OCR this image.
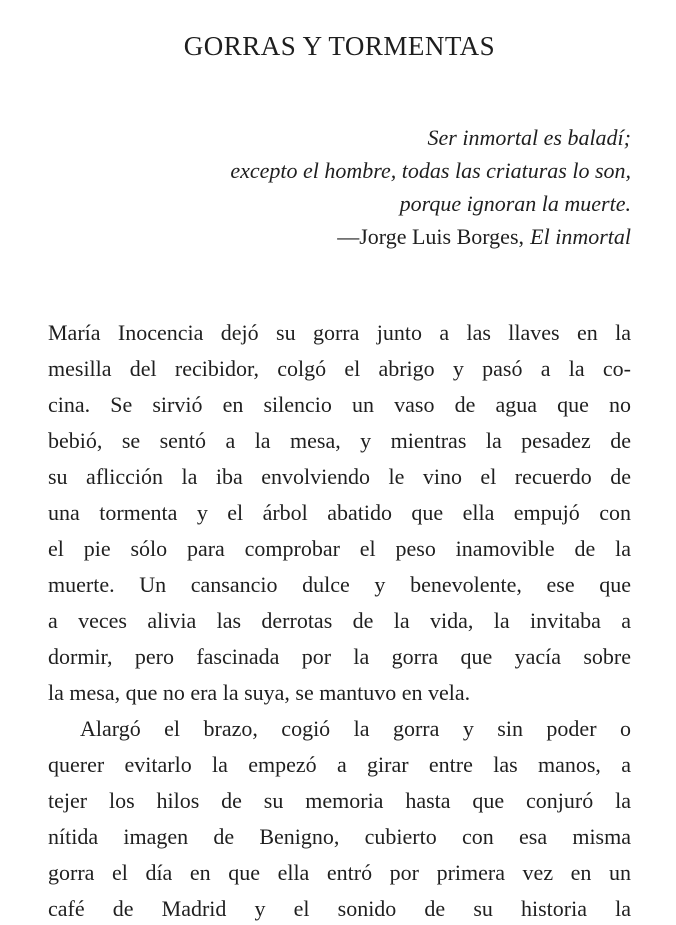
GORRAS Y TORMENTAS
Ser inmortal es baladí;
excepto el hombre, todas las criaturas lo son,
porque ignoran la muerte.
—Jorge Luis Borges, El inmortal

María Inocencia dejó su gorra junto a las llaves en la
mesilla del recibidor, colgó el abrigo y pasó a la co-
cina. Se sirvió en silencio un vaso de agua que no
bebió, se sentó a la mesa, y mientras la pesadez de
su aflicción la iba envolviendo le vino el recuerdo de
una tormenta y el árbol abatido que ella empujó con
el pie sólo para comprobar el peso inamovible de la
muerte. Un cansancio dulce y benevolente, ese que
a veces alivia las derrotas de la vida, la invitaba a
dormir, pero fascinada por la gorra que yacía sobre
la mesa, que no era la suya, se mantuvo en vela.

Alargó el brazo, cogió la gorra y sin poder o
querer evitarlo la empezó a girar entre las manos, a
tejer los hilos de su memoria hasta que conjuró la
nítida imagen de Benigno, cubierto con esa misma
gorra el día en que ella entró por primera vez en un
café de Madrid y el sonido de su historia la
